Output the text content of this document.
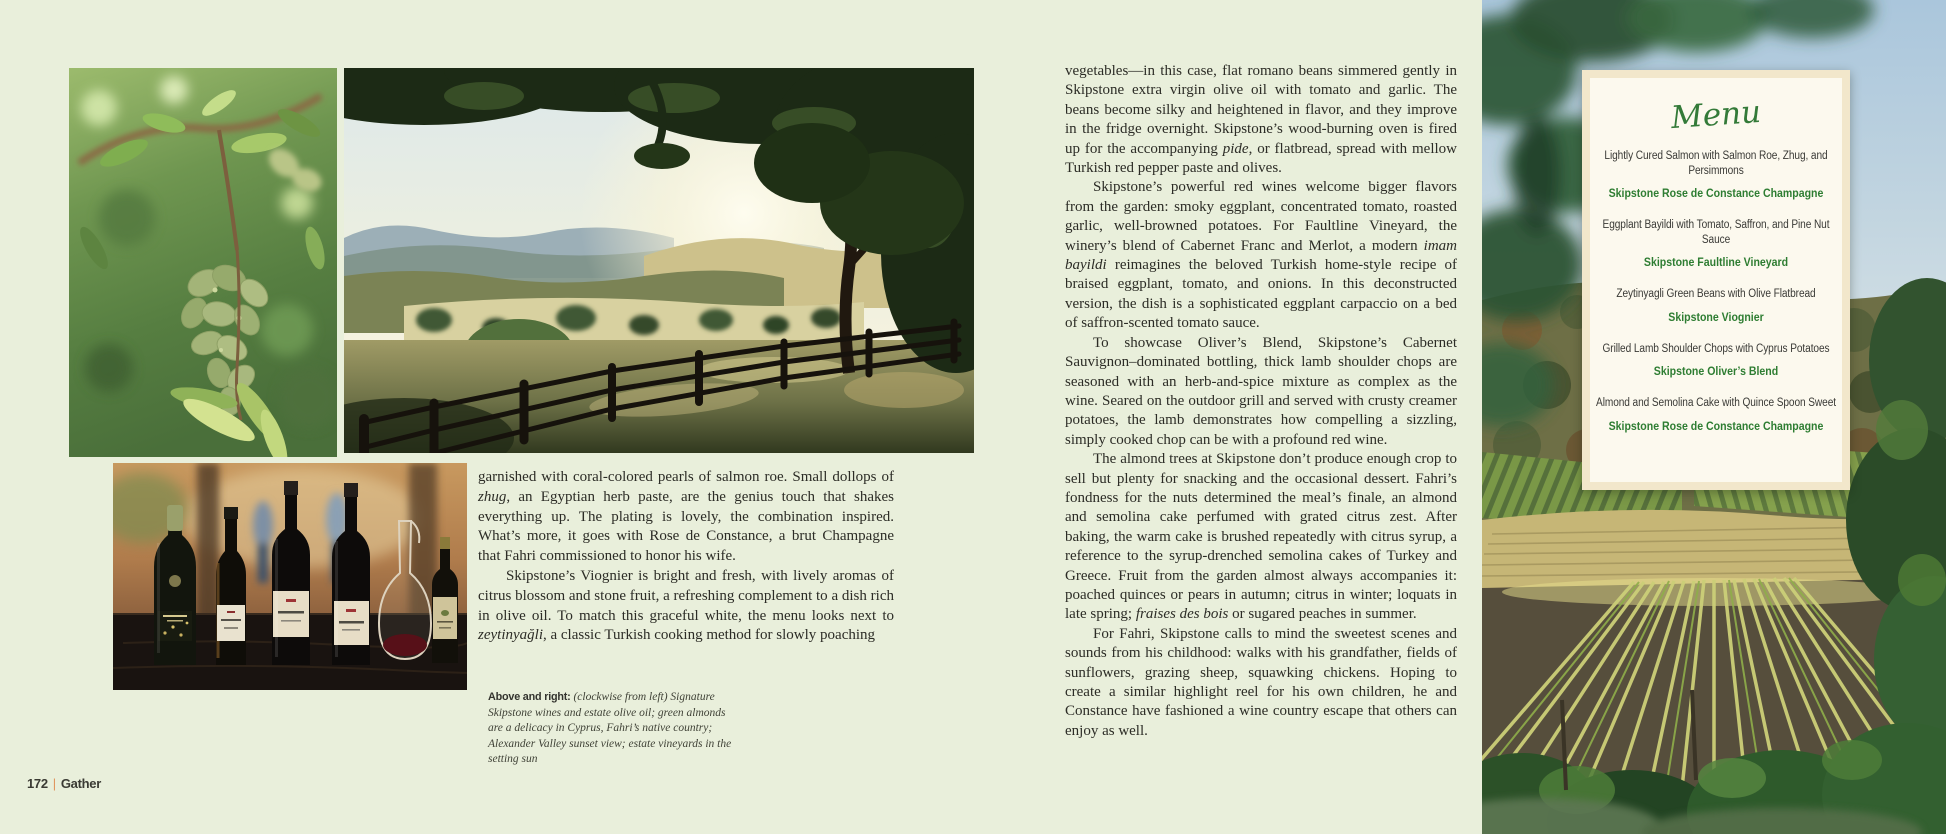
garnished with coral-colored pearls of salmon roe. Small dollops of zhug, an Egyptian herb paste, are the genius touch that shakes everything up. The plating is lovely, the combination inspired. What’s more, it goes with Rose de Constance, a brut Champagne that Fahri commissioned to honor his wife.

Skipstone’s Viognier is bright and fresh, with lively aromas of citrus blossom and stone fruit, a refreshing complement to a dish rich in olive oil. To match this graceful white, the menu looks next to zeytinyağli, a classic Turkish cooking method for slowly poaching

Above and right: (clockwise from left) Signature Skipstone wines and estate olive oil; green almonds are a delicacy in Cyprus, Fahri’s native country; Alexander Valley sunset view; estate vineyards in the setting sun
172 | Gather

vegetables—in this case, flat romano beans simmered gently in Skipstone extra virgin olive oil with tomato and garlic. The beans become silky and heightened in flavor, and they improve in the fridge overnight. Skipstone’s wood-burning oven is fired up for the accompanying pide, or flatbread, spread with mellow Turkish red pepper paste and olives.

Skipstone’s powerful red wines welcome bigger flavors from the garden: smoky eggplant, concentrated tomato, roasted garlic, well-browned potatoes. For Faultline Vineyard, the winery’s blend of Cabernet Franc and Merlot, a modern imam bayildi reimagines the beloved Turkish home-style recipe of braised eggplant, tomato, and onions. In this deconstructed version, the dish is a sophisticated eggplant carpaccio on a bed of saffron-scented tomato sauce.

To showcase Oliver’s Blend, Skipstone’s Cabernet Sauvignon–dominated bottling, thick lamb shoulder chops are seasoned with an herb-and-spice mixture as complex as the wine. Seared on the outdoor grill and served with crusty creamer potatoes, the lamb demonstrates how compelling a sizzling, simply cooked chop can be with a profound red wine.

The almond trees at Skipstone don’t produce enough crop to sell but plenty for snacking and the occasional dessert. Fahri’s fondness for the nuts determined the meal’s finale, an almond and semolina cake perfumed with grated citrus zest. After baking, the warm cake is brushed repeatedly with citrus syrup, a reference to the syrup-drenched semolina cakes of Turkey and Greece. Fruit from the garden almost always accompanies it: poached quinces or pears in autumn; citrus in winter; loquats in late spring; fraises des bois or sugared peaches in summer.

For Fahri, Skipstone calls to mind the sweetest scenes and sounds from his childhood: walks with his grandfather, fields of sunflowers, grazing sheep, squawking chickens. Hoping to create a similar highlight reel for his own children, he and Constance have fashioned a wine country escape that others can enjoy as well.

Menu
Lightly Cured Salmon with Salmon Roe, Zhug, and Persimmons
Skipstone Rose de Constance Champagne
Eggplant Bayildi with Tomato, Saffron, and Pine Nut Sauce
Skipstone Faultline Vineyard
Zeytinyagli Green Beans with Olive Flatbread
Skipstone Viognier
Grilled Lamb Shoulder Chops with Cyprus Potatoes
Skipstone Oliver’s Blend
Almond and Semolina Cake with Quince Spoon Sweet
Skipstone Rose de Constance Champagne
